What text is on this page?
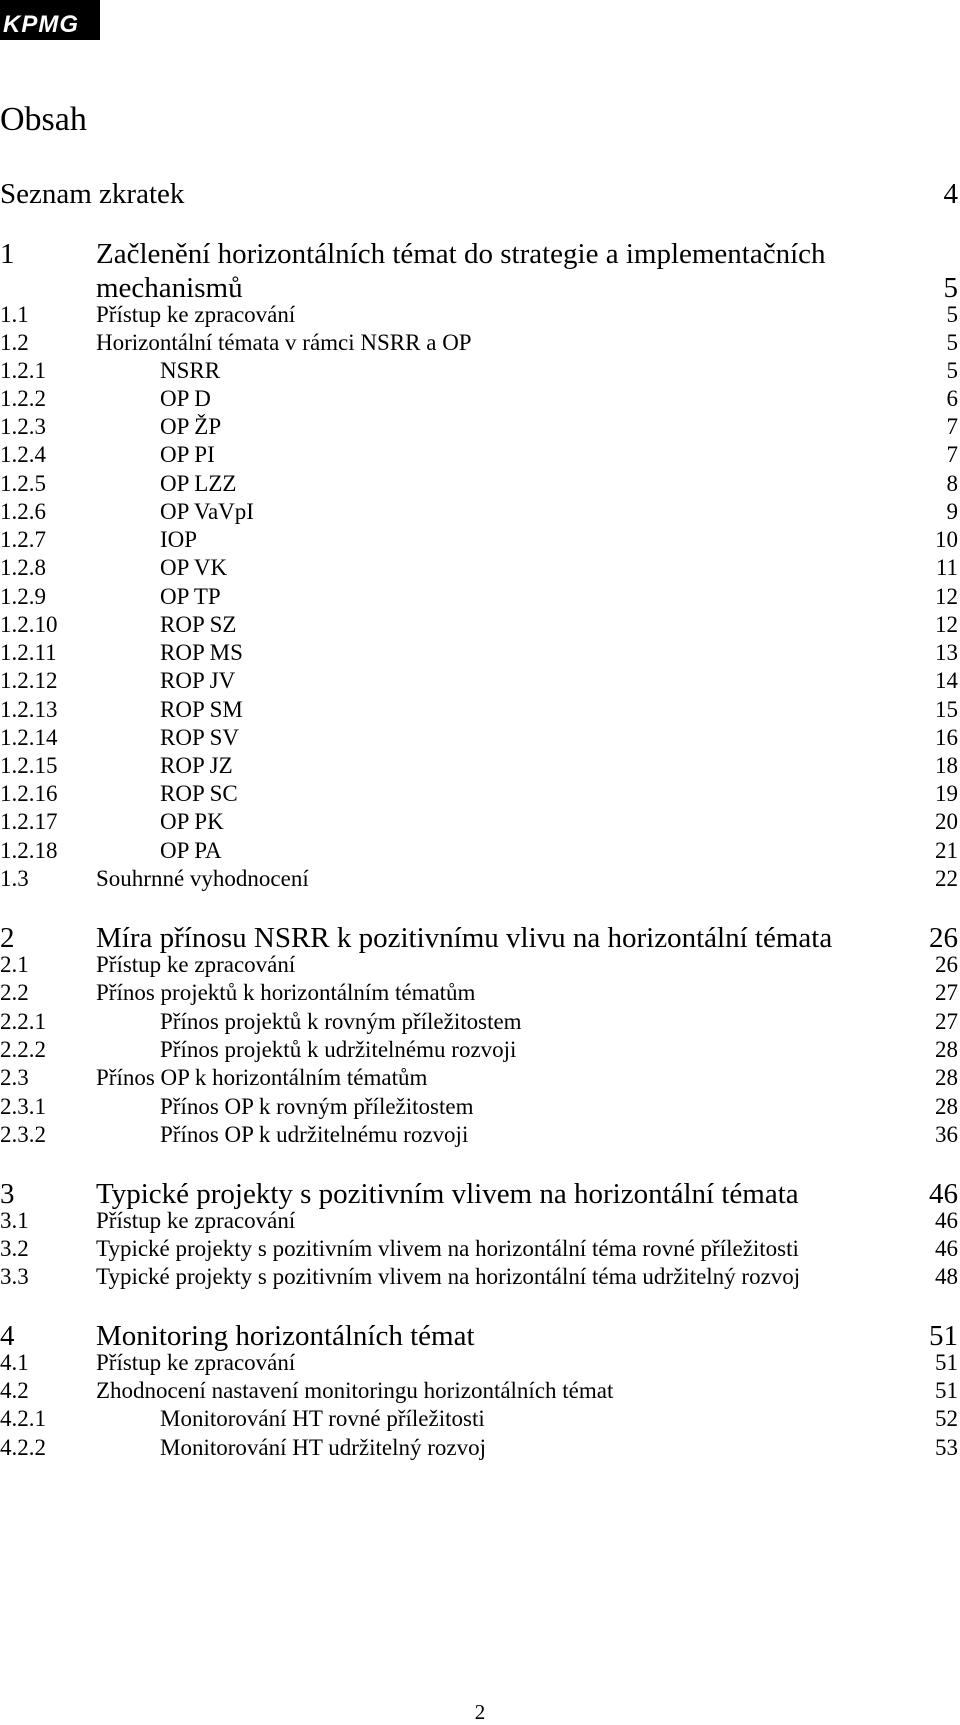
KPMG
Obsah
Seznam zkratek	4
1	Začlenění horizontálních témat do strategie a implementačních
mechanismů	5
1.1	Přístup ke zpracování	5
1.2	Horizontální témata v rámci NSRR a OP	5
1.2.1	NSRR	5
1.2.2	OP D	6
1.2.3	OP ŽP	7
1.2.4	OP PI	7
1.2.5	OP LZZ	8
1.2.6	OP VaVpI	9
1.2.7	IOP	10
1.2.8	OP VK	11
1.2.9	OP TP	12
1.2.10	ROP SZ	12
1.2.11	ROP MS	13
1.2.12	ROP JV	14
1.2.13	ROP SM	15
1.2.14	ROP SV	16
1.2.15	ROP JZ	18
1.2.16	ROP SC	19
1.2.17	OP PK	20
1.2.18	OP PA	21
1.3	Souhrnné vyhodnocení	22
2	Míra přínosu NSRR k pozitivnímu vlivu na horizontální témata	26
2.1	Přístup ke zpracování	26
2.2	Přínos projektů k horizontálním tématům	27
2.2.1	Přínos projektů k rovným příležitostem	27
2.2.2	Přínos projektů k udržitelnému rozvoji	28
2.3	Přínos OP k horizontálním tématům	28
2.3.1	Přínos OP k rovným příležitostem	28
2.3.2	Přínos OP k udržitelnému rozvoji	36
3	Typické projekty s pozitivním vlivem na horizontální témata	46
3.1	Přístup ke zpracování	46
3.2	Typické projekty s pozitivním vlivem na horizontální téma rovné příležitosti	46
3.3	Typické projekty s pozitivním vlivem na horizontální téma udržitelný rozvoj	48
4	Monitoring horizontálních témat	51
4.1	Přístup ke zpracování	51
4.2	Zhodnocení nastavení monitoringu horizontálních témat	51
4.2.1	Monitorování HT rovné příležitosti	52
4.2.2	Monitorování HT udržitelný rozvoj	53
2
